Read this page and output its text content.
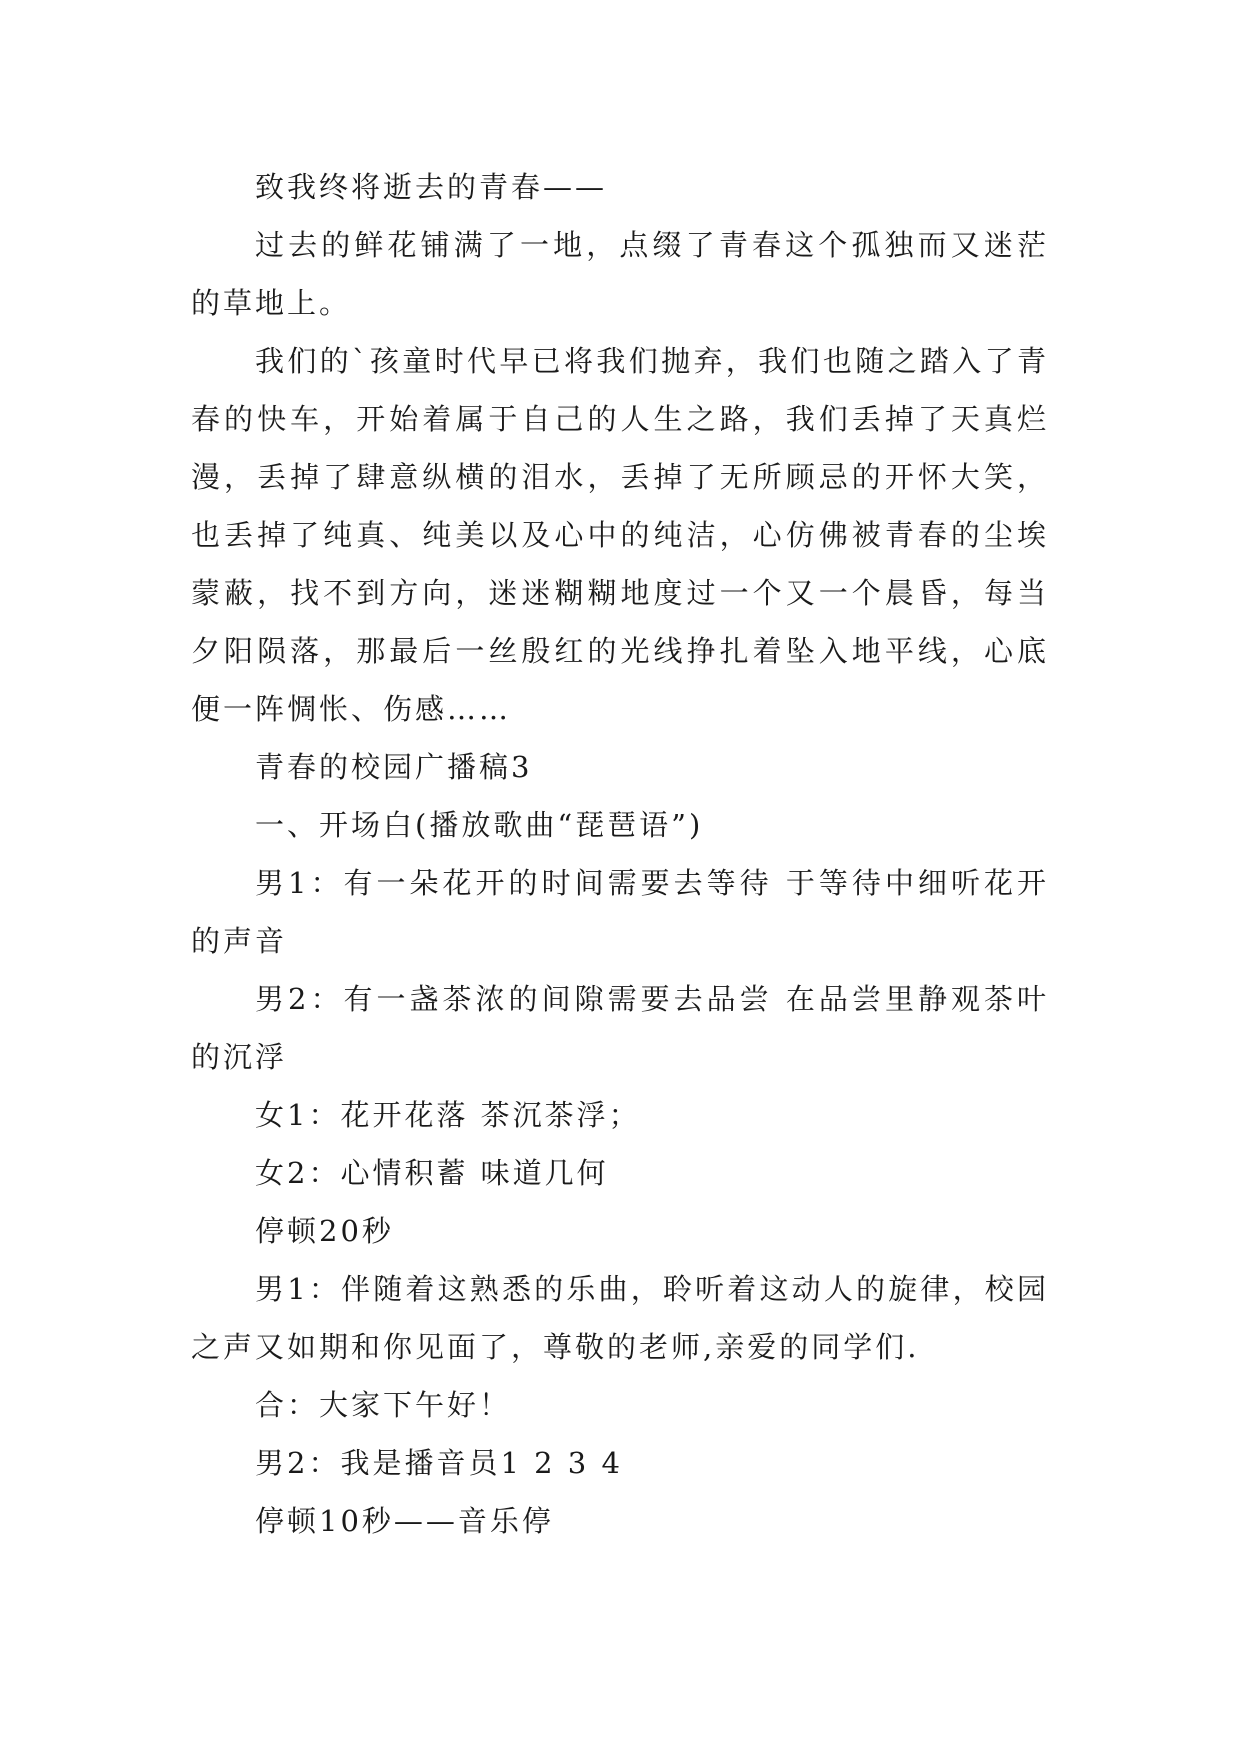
致我终将逝去的青春——

过去的鲜花铺满了一地，点缀了青春这个孤独而又迷茫的草地上。

我们的`孩童时代早已将我们抛弃，我们也随之踏入了青春的快车，开始着属于自己的人生之路，我们丢掉了天真烂漫，丢掉了肆意纵横的泪水，丢掉了无所顾忌的开怀大笑，也丢掉了纯真、纯美以及心中的纯洁，心仿佛被青春的尘埃蒙蔽，找不到方向，迷迷糊糊地度过一个又一个晨昏，每当夕阳陨落，那最后一丝殷红的光线挣扎着坠入地平线，心底便一阵惆怅、伤感……

青春的校园广播稿3

一、开场白(播放歌曲“琵琶语”)

男1：有一朵花开的时间需要去等待 于等待中细听花开的声音

男2：有一盏茶浓的间隙需要去品尝 在品尝里静观茶叶的沉浮

女1：花开花落 茶沉茶浮；

女2：心情积蓄 味道几何

停顿20秒

男1：伴随着这熟悉的乐曲，聆听着这动人的旋律，校园之声又如期和你见面了，尊敬的老师,亲爱的同学们.

合：大家下午好！

男2：我是播音员1 2 3 4

停顿10秒——音乐停
